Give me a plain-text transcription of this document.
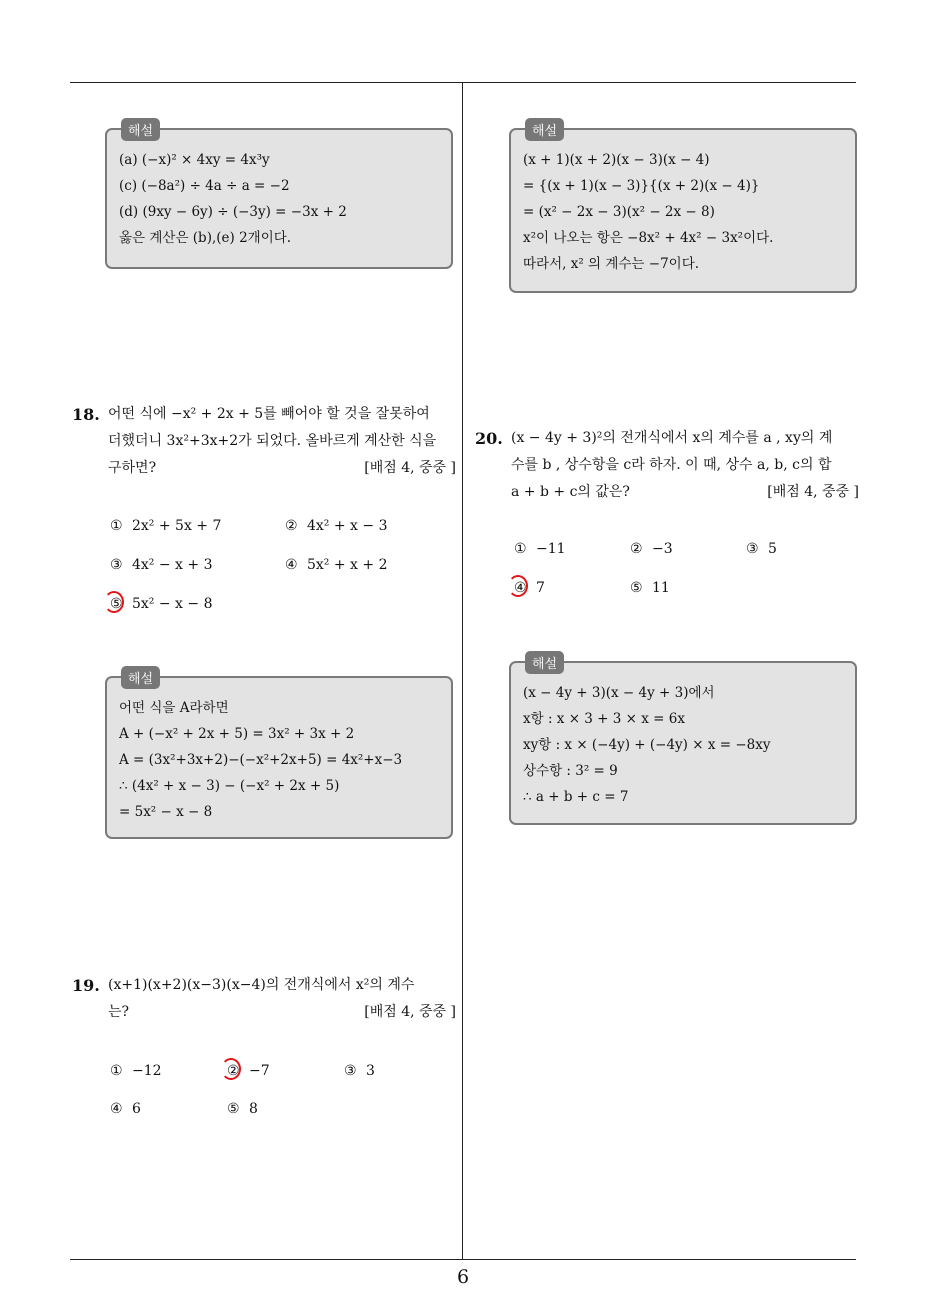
해설
(a) (−x)² × 4xy = 4x³y
(c) (−8a²) ÷ 4a ÷ a = −2
(d) (9xy − 6y) ÷ (−3y) = −3x + 2
옳은 계산은 (b),(e) 2개이다.
18. 어떤 식에 −x² + 2x + 5를 빼어야 할 것을 잘못하여
더했더니 3x²+3x+2가 되었다. 올바르게 계산한 식을
구하면?	[배점 4, 중중 ]
① 2x² + 5x + 7	② 4x² + x − 3
③ 4x² − x + 3	④ 5x² + x + 2
⑤ 5x² − x − 8
해설
어떤 식을 A라하면
A + (−x² + 2x + 5) = 3x² + 3x + 2
A = (3x²+3x+2)−(−x²+2x+5) = 4x²+x−3
∴ (4x² + x − 3) − (−x² + 2x + 5)
= 5x² − x − 8
19. (x+1)(x+2)(x−3)(x−4)의 전개식에서 x²의 계수
는?	[배점 4, 중중 ]
① −12	② −7	③ 3
④ 6	⑤ 8
해설
(x + 1)(x + 2)(x − 3)(x − 4)
= {(x + 1)(x − 3)}{(x + 2)(x − 4)}
= (x² − 2x − 3)(x² − 2x − 8)
x²이 나오는 항은 −8x² + 4x² − 3x²이다.
따라서, x² 의 계수는 −7이다.
20. (x − 4y + 3)²의 전개식에서 x의 계수를 a , xy의 계
수를 b , 상수항을 c라 하자. 이 때, 상수 a, b, c의 합
a + b + c의 값은?	[배점 4, 중중 ]
① −11	② −3	③ 5
④ 7	⑤ 11
해설
(x − 4y + 3)(x − 4y + 3)에서
x항 : x × 3 + 3 × x = 6x
xy항 : x × (−4y) + (−4y) × x = −8xy
상수항 : 3² = 9
∴ a + b + c = 7
6
